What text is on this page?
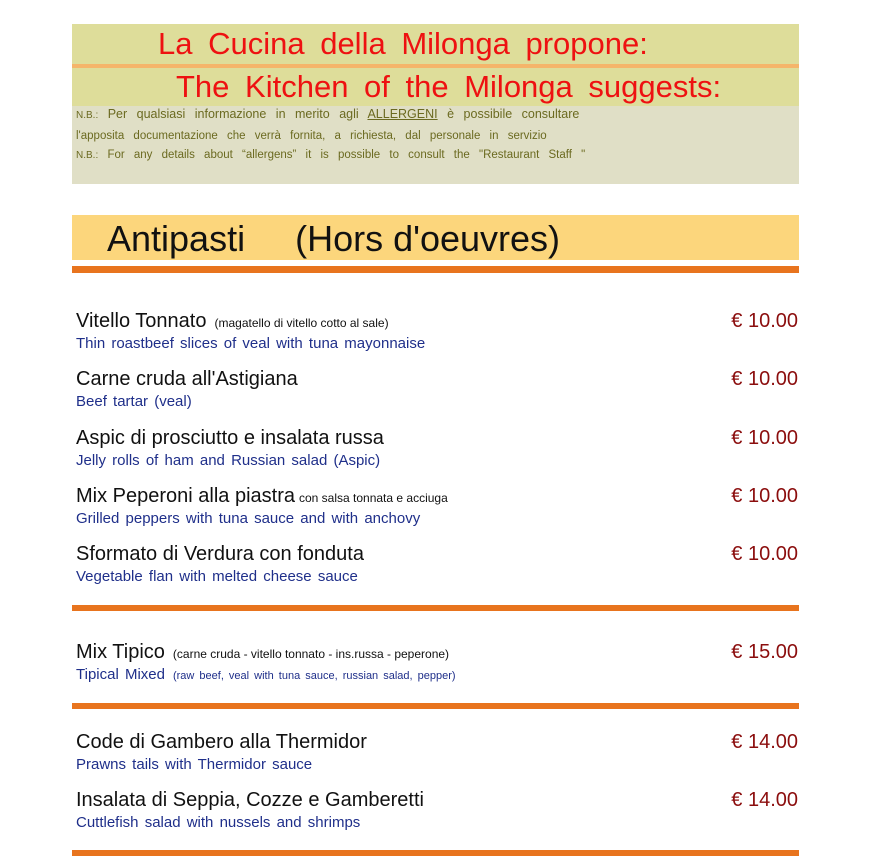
La Cucina della Milonga propone:
The Kitchen of the Milonga suggests:
N.B.: Per qualsiasi informazione in merito agli ALLERGENI è possibile consultare
l'apposita documentazione che verrà fornita, a richiesta, dal personale in servizio
N.B.: For any details about “allergens” it is possible to consult the "Restaurant Staff "

Antipasti     (Hors d'oeuvres)

Vitello Tonnato (magatello di vitello cotto al sale)
Thin roastbeef slices of veal with tuna mayonnaise
€ 10.00
Carne cruda all'Astigiana
Beef tartar (veal)
€ 10.00
Aspic di prosciutto e insalata russa
Jelly rolls of ham and Russian salad (Aspic)
€ 10.00
Mix Peperoni alla piastra con salsa tonnata e acciuga
Grilled peppers with tuna sauce and with anchovy
€ 10.00
Sformato di Verdura con fonduta
Vegetable flan with melted cheese sauce
€ 10.00
Mix Tipico (carne cruda - vitello tonnato - ins.russa - peperone)
Tipical Mixed (raw beef, veal with tuna sauce, russian salad, pepper)
€ 15.00
Code di Gambero alla Thermidor
Prawns tails with Thermidor sauce
€ 14.00
Insalata di Seppia, Cozze e Gamberetti
Cuttlefish salad with nussels and shrimps
€ 14.00
